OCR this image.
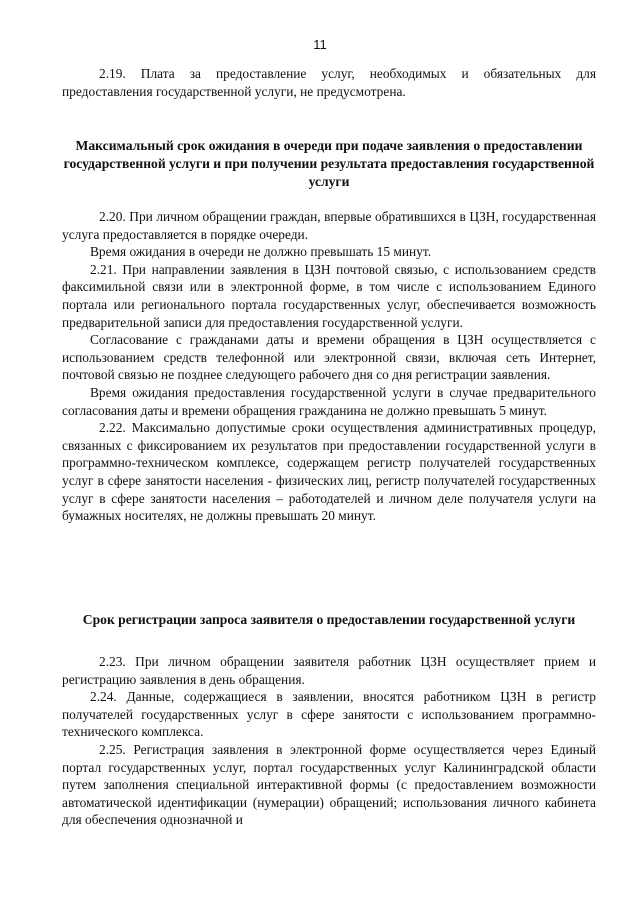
11

2.19. Плата за предоставление услуг, необходимых и обязательных для предоставления государственной услуги, не предусмотрена.

Максимальный срок ожидания в очереди при подаче заявления о предоставлении государственной услуги и при получении результата предоставления государственной услуги

2.20. При личном обращении граждан, впервые обратившихся в ЦЗН, государственная услуга предоставляется в порядке очереди.

Время ожидания в очереди не должно превышать 15 минут.

2.21. При направлении заявления в ЦЗН почтовой связью, с использованием средств факсимильной связи или в электронной форме, в том числе с использованием Единого портала или регионального портала государственных услуг, обеспечивается возможность предварительной записи для предоставления государственной услуги.

Согласование с гражданами даты и времени обращения в ЦЗН осуществляется с использованием средств телефонной или электронной связи, включая сеть Интернет, почтовой связью не позднее следующего рабочего дня со дня регистрации заявления.

Время ожидания предоставления государственной услуги в случае предварительного согласования даты и времени обращения гражданина не должно превышать 5 минут.

2.22. Максимально допустимые сроки осуществления административных процедур, связанных с фиксированием их результатов при предоставлении государственной услуги в программно-техническом комплексе, содержащем регистр получателей государственных услуг в сфере занятости населения - физических лиц, регистр получателей государственных услуг в сфере занятости населения – работодателей и личном деле получателя услуги на бумажных носителях, не должны превышать 20 минут.

Срок регистрации запроса заявителя о предоставлении государственной услуги

2.23. При личном обращении заявителя работник ЦЗН осуществляет прием и регистрацию заявления в день обращения.

2.24. Данные, содержащиеся в заявлении, вносятся работником ЦЗН в регистр получателей государственных услуг в сфере занятости с использованием программно-технического комплекса.

2.25. Регистрация заявления в электронной форме осуществляется через Единый портал государственных услуг, портал государственных услуг Калининградской области путем заполнения специальной интерактивной формы (с предоставлением возможности автоматической идентификации (нумерации) обращений; использования личного кабинета для обеспечения однозначной и
